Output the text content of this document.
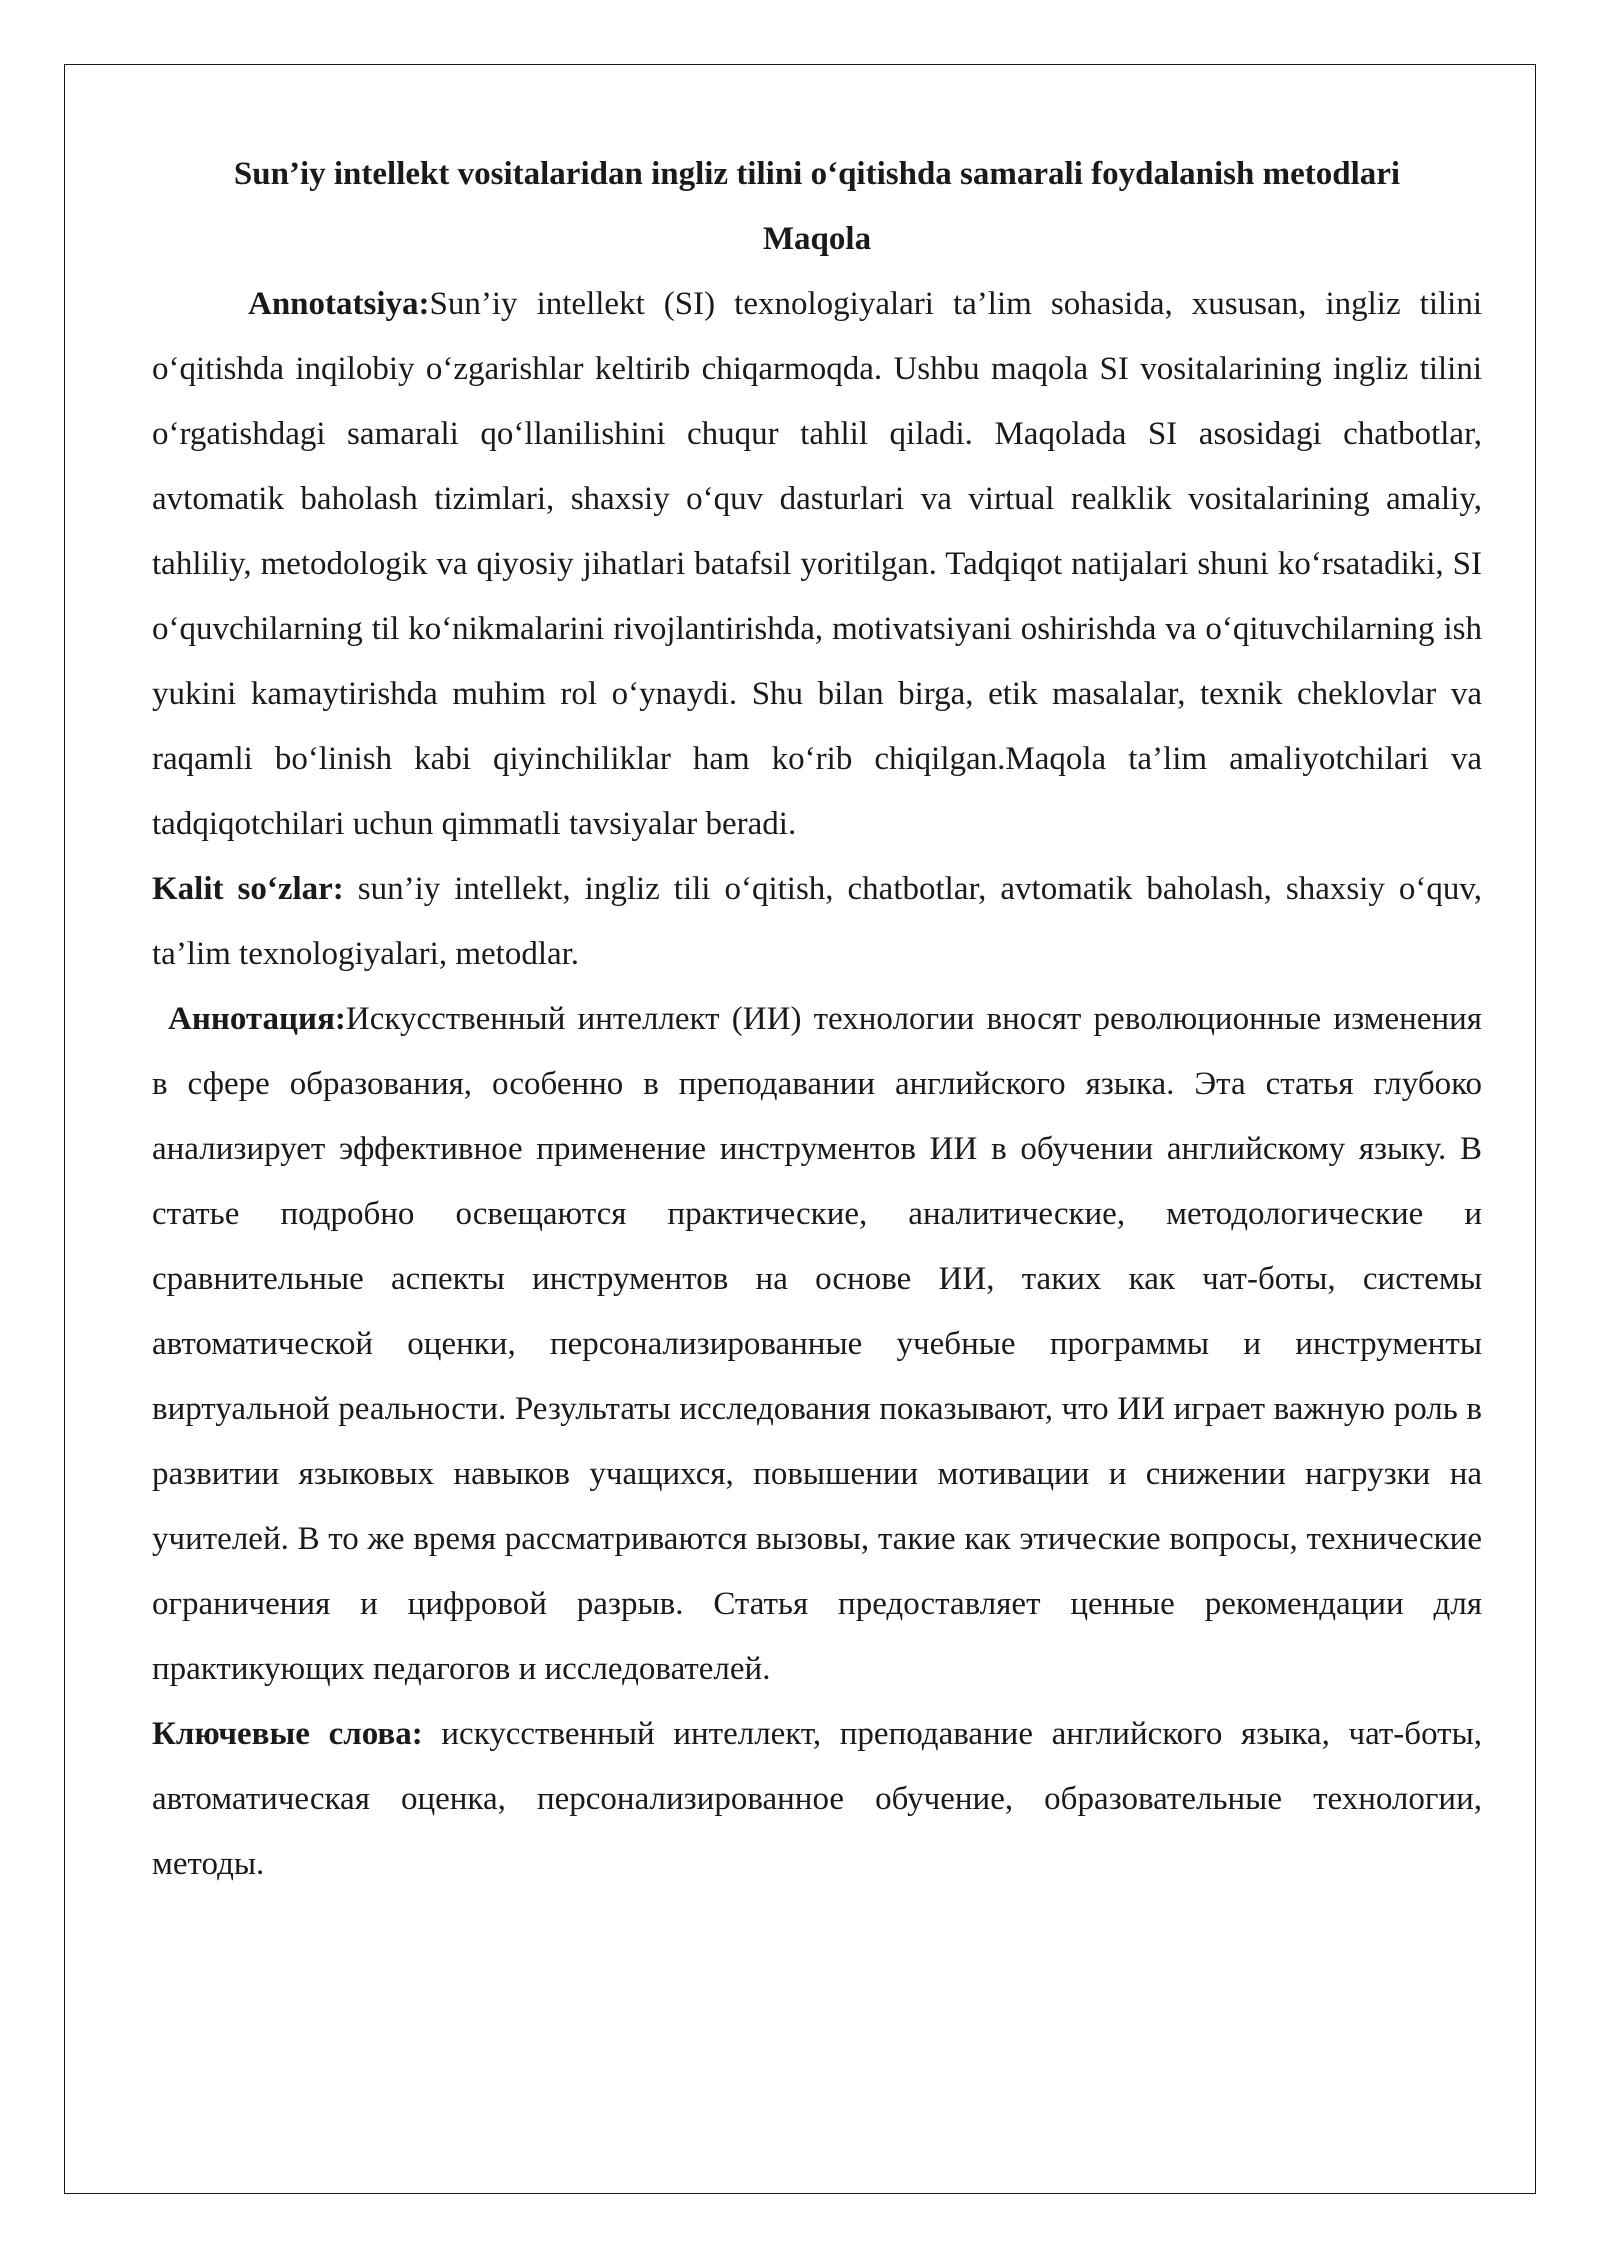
Sun’iy intellekt vositalaridan ingliz tilini o‘qitishda samarali foydalanish metodlari

Maqola

Annotatsiya:Sun’iy intellekt (SI) texnologiyalari ta’lim sohasida, xususan, ingliz tilini o‘qitishda inqilobiy o‘zgarishlar keltirib chiqarmoqda. Ushbu maqola SI vositalarining ingliz tilini o‘rgatishdagi samarali qo‘llanilishini chuqur tahlil qiladi. Maqolada SI asosidagi chatbotlar, avtomatik baholash tizimlari, shaxsiy o‘quv dasturlari va virtual realklik vositalarining amaliy, tahliliy, metodologik va qiyosiy jihatlari batafsil yoritilgan. Tadqiqot natijalari shuni ko‘rsatadiki, SI o‘quvchilarning til ko‘nikmalarini rivojlantirishda, motivatsiyani oshirishda va o‘qituvchilarning ish yukini kamaytirishda muhim rol o‘ynaydi. Shu bilan birga, etik masalalar, texnik cheklovlar va raqamli bo‘linish kabi qiyinchiliklar ham ko‘rib chiqilgan.Maqola ta’lim amaliyotchilari va tadqiqotchilari uchun qimmatli tavsiyalar beradi.

Kalit so‘zlar: sun’iy intellekt, ingliz tili o‘qitish, chatbotlar, avtomatik baholash, shaxsiy o‘quv, ta’lim texnologiyalari, metodlar.

Аннотация:Искусственный интеллект (ИИ) технологии вносят революционные изменения в сфере образования, особенно в преподавании английского языка. Эта статья глубоко анализирует эффективное применение инструментов ИИ в обучении английскому языку. В статье подробно освещаются практические, аналитические, методологические и сравнительные аспекты инструментов на основе ИИ, таких как чат-боты, системы автоматической оценки, персонализированные учебные программы и инструменты виртуальной реальности. Результаты исследования показывают, что ИИ играет важную роль в развитии языковых навыков учащихся, повышении мотивации и снижении нагрузки на учителей. В то же время рассматриваются вызовы, такие как этические вопросы, технические ограничения и цифровой разрыв. Статья предоставляет ценные рекомендации для практикующих педагогов и исследователей.

Ключевые слова: искусственный интеллект, преподавание английского языка, чат-боты, автоматическая оценка, персонализированное обучение, образовательные технологии, методы.
